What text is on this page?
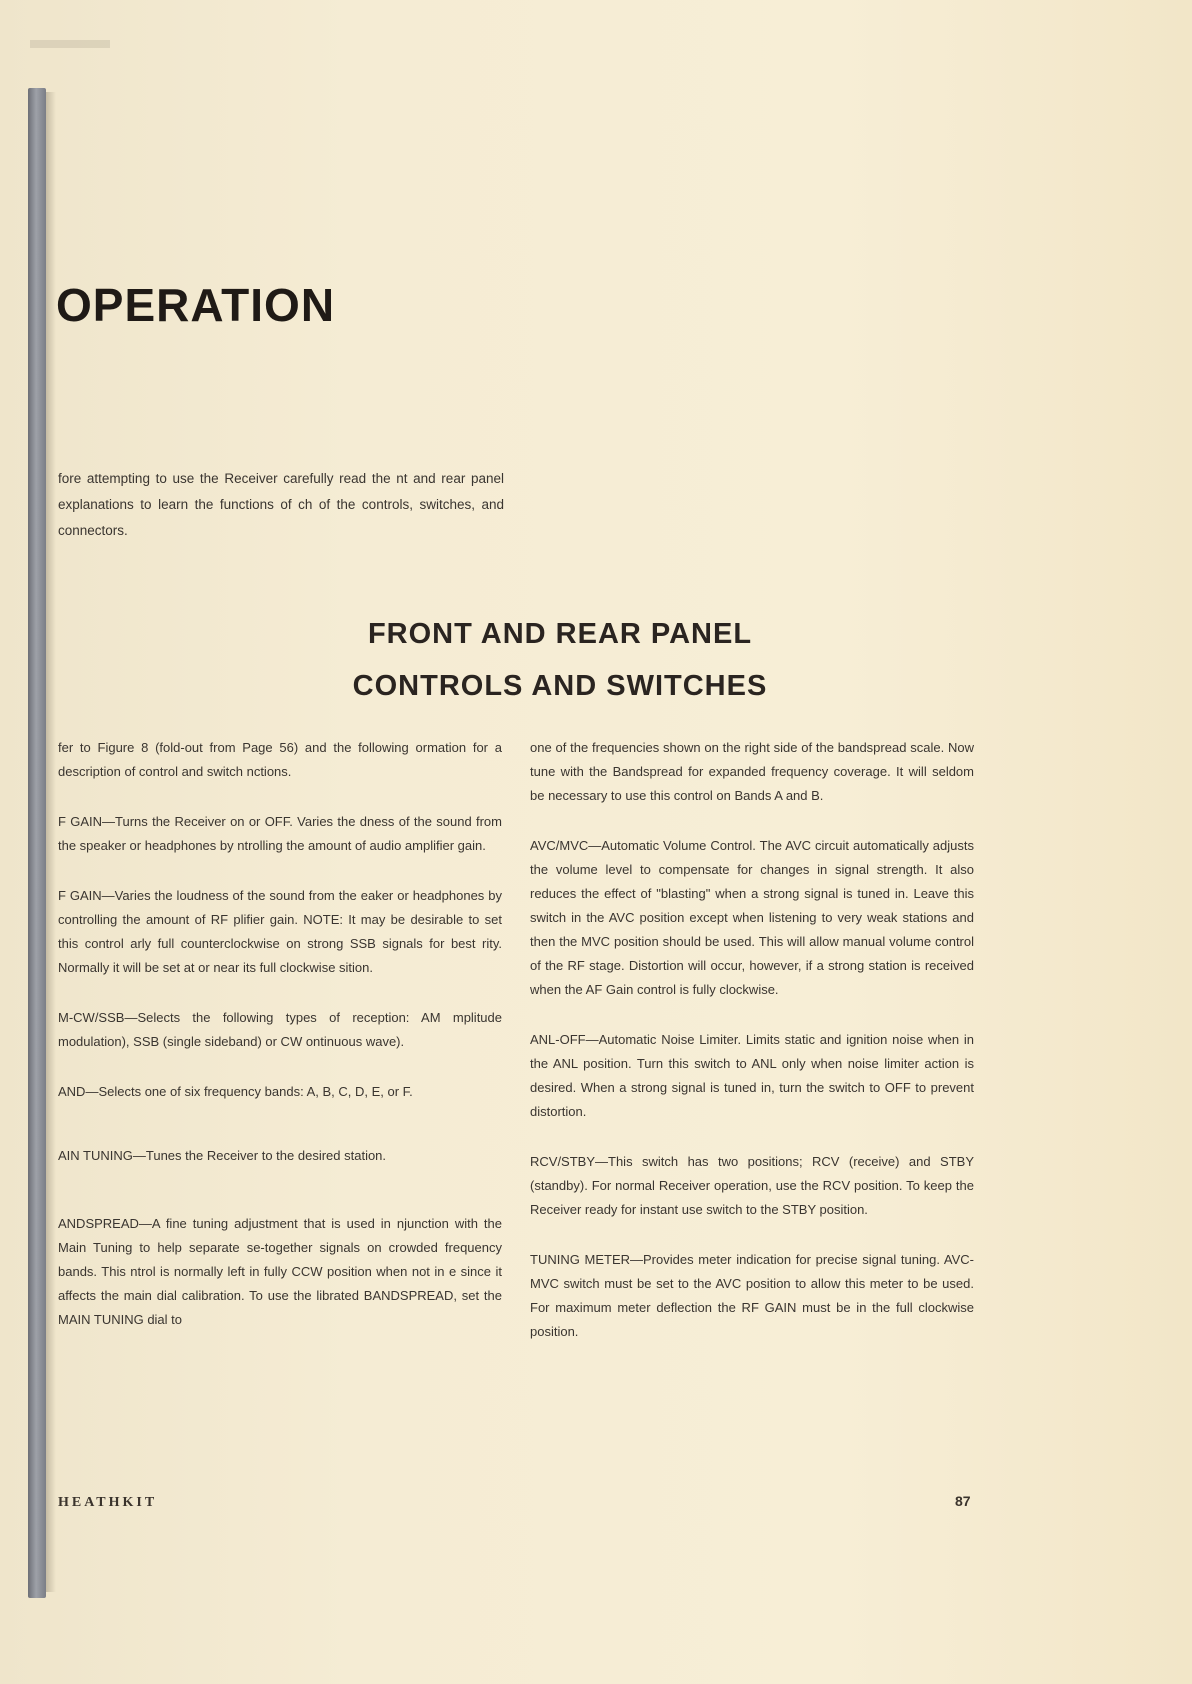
OPERATION

fore attempting to use the Receiver carefully read the nt and rear panel explanations to learn the functions of ch of the controls, switches, and connectors.

FRONT AND REAR PANEL
CONTROLS AND SWITCHES

fer to Figure 8 (fold-out from Page 56) and the following ormation for a description of control and switch nctions.

F GAIN—Turns the Receiver on or OFF. Varies the dness of the sound from the speaker or headphones by ntrolling the amount of audio amplifier gain.

F GAIN—Varies the loudness of the sound from the eaker or headphones by controlling the amount of RF plifier gain. NOTE: It may be desirable to set this control arly full counterclockwise on strong SSB signals for best rity. Normally it will be set at or near its full clockwise sition.

M-CW/SSB—Selects the following types of reception: AM mplitude modulation), SSB (single sideband) or CW ontinuous wave).

AND—Selects one of six frequency bands: A, B, C, D, E, or F.

AIN TUNING—Tunes the Receiver to the desired station.

ANDSPREAD—A fine tuning adjustment that is used in njunction with the Main Tuning to help separate se-together signals on crowded frequency bands. This ntrol is normally left in fully CCW position when not in e since it affects the main dial calibration. To use the librated BANDSPREAD, set the MAIN TUNING dial to

one of the frequencies shown on the right side of the bandspread scale. Now tune with the Bandspread for expanded frequency coverage. It will seldom be necessary to use this control on Bands A and B.

AVC/MVC—Automatic Volume Control. The AVC circuit automatically adjusts the volume level to compensate for changes in signal strength. It also reduces the effect of "blasting" when a strong signal is tuned in. Leave this switch in the AVC position except when listening to very weak stations and then the MVC position should be used. This will allow manual volume control of the RF stage. Distortion will occur, however, if a strong station is received when the AF Gain control is fully clockwise.

ANL-OFF—Automatic Noise Limiter. Limits static and ignition noise when in the ANL position. Turn this switch to ANL only when noise limiter action is desired. When a strong signal is tuned in, turn the switch to OFF to prevent distortion.

RCV/STBY—This switch has two positions; RCV (receive) and STBY (standby). For normal Receiver operation, use the RCV position. To keep the Receiver ready for instant use switch to the STBY position.

TUNING METER—Provides meter indication for precise signal tuning. AVC-MVC switch must be set to the AVC position to allow this meter to be used. For maximum meter deflection the RF GAIN must be in the full clockwise position.

HEATHKIT	87
